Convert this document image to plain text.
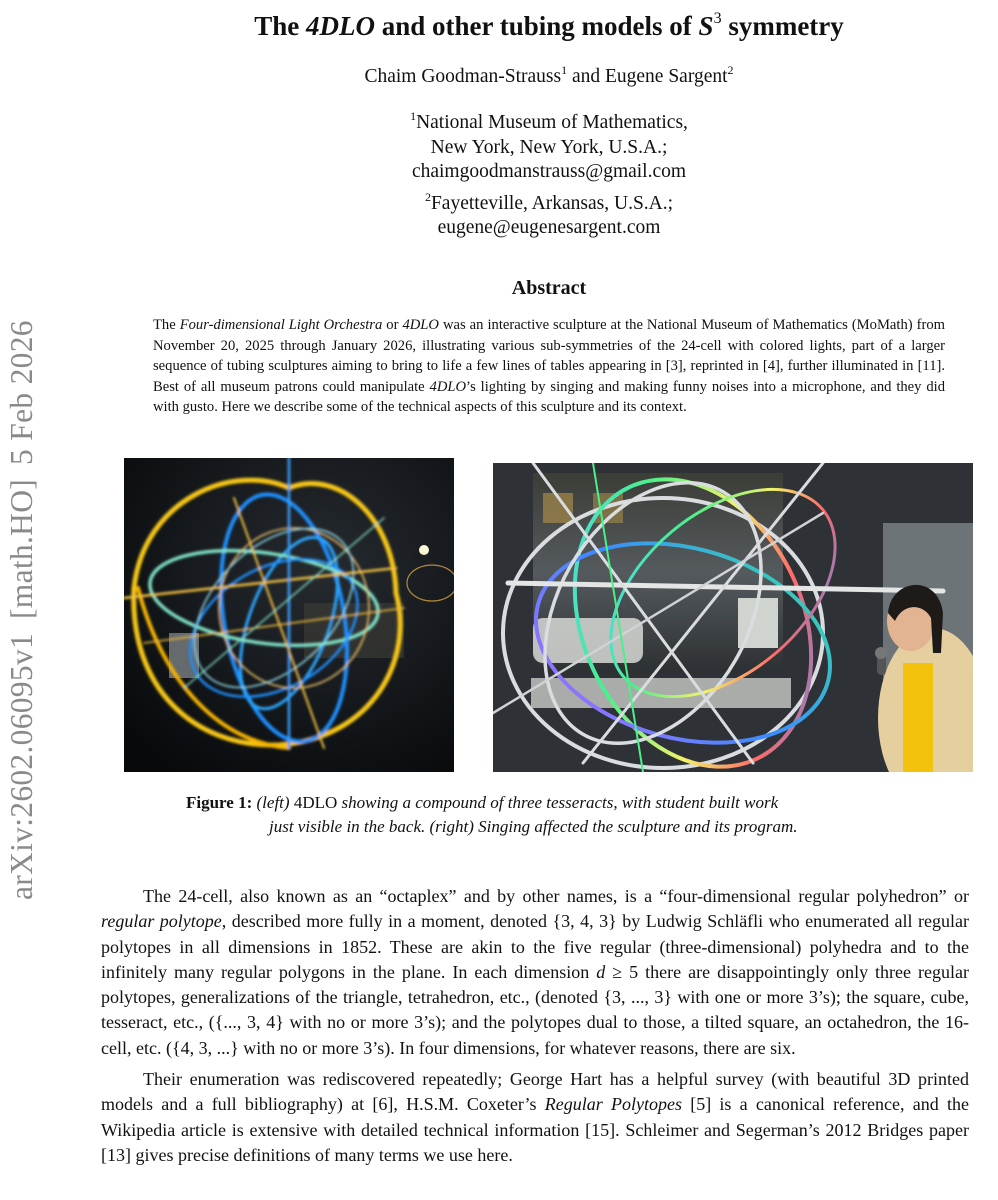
arXiv:2602.06095v1[math.HO]5 Feb 2026
The 4DLO and other tubing models of $S^3$ symmetry
Chaim Goodman-Strauss$^1$ and Eugene Sargent$^2$
$^1$National Museum of Mathematics,
New York, New York, U.S.A.;
chaimgoodmanstrauss@gmail.com
$^2$Fayetteville, Arkansas, U.S.A.;
eugene@eugenesargent.com
Abstract
The Four-dimensional Light Orchestra or 4DLO was an interactive sculpture at the National Museum of Mathematics (MoMath) from November 20, 2025 through January 2026, illustrating various sub-symmetries of the 24-cell with colored lights, part of a larger sequence of tubing sculptures aiming to bring to life a few lines of tables appearing in [3], reprinted in [4], further illuminated in [11]. Best of all museum patrons could manipulate 4DLO’s lighting by singing and making funny noises into a microphone, and they did with gusto. Here we describe some of the technical aspects of this sculpture and its context.
Figure 1: (left) 4DLO showing a compound of three tesseracts, with student built work
just visible in the back. (right) Singing affected the sculpture and its program.

The 24-cell, also known as an “octaplex” and by other names, is a “four-dimensional regular polyhedron” or regular polytope, described more fully in a moment, denoted {3, 4, 3} by Ludwig Schläfli who enumerated all regular polytopes in all dimensions in 1852. These are akin to the five regular (three-dimensional) polyhedra and to the infinitely many regular polygons in the plane. In each dimension d ≥ 5 there are disappointingly only three regular polytopes, generalizations of the triangle, tetrahedron, etc., (denoted {3, ..., 3} with one or more 3’s); the square, cube, tesseract, etc., ({..., 3, 4} with no or more 3’s); and the polytopes dual to those, a tilted square, an octahedron, the 16-cell, etc. ({4, 3, ...} with no or more 3’s). In four dimensions, for whatever reasons, there are six.

Their enumeration was rediscovered repeatedly; George Hart has a helpful survey (with beautiful 3D printed models and a full bibliography) at [6], H.S.M. Coxeter’s Regular Polytopes [5] is a canonical reference, and the Wikipedia article is extensive with detailed technical information [15]. Schleimer and Segerman’s 2012 Bridges paper [13] gives precise definitions of many terms we use here.
